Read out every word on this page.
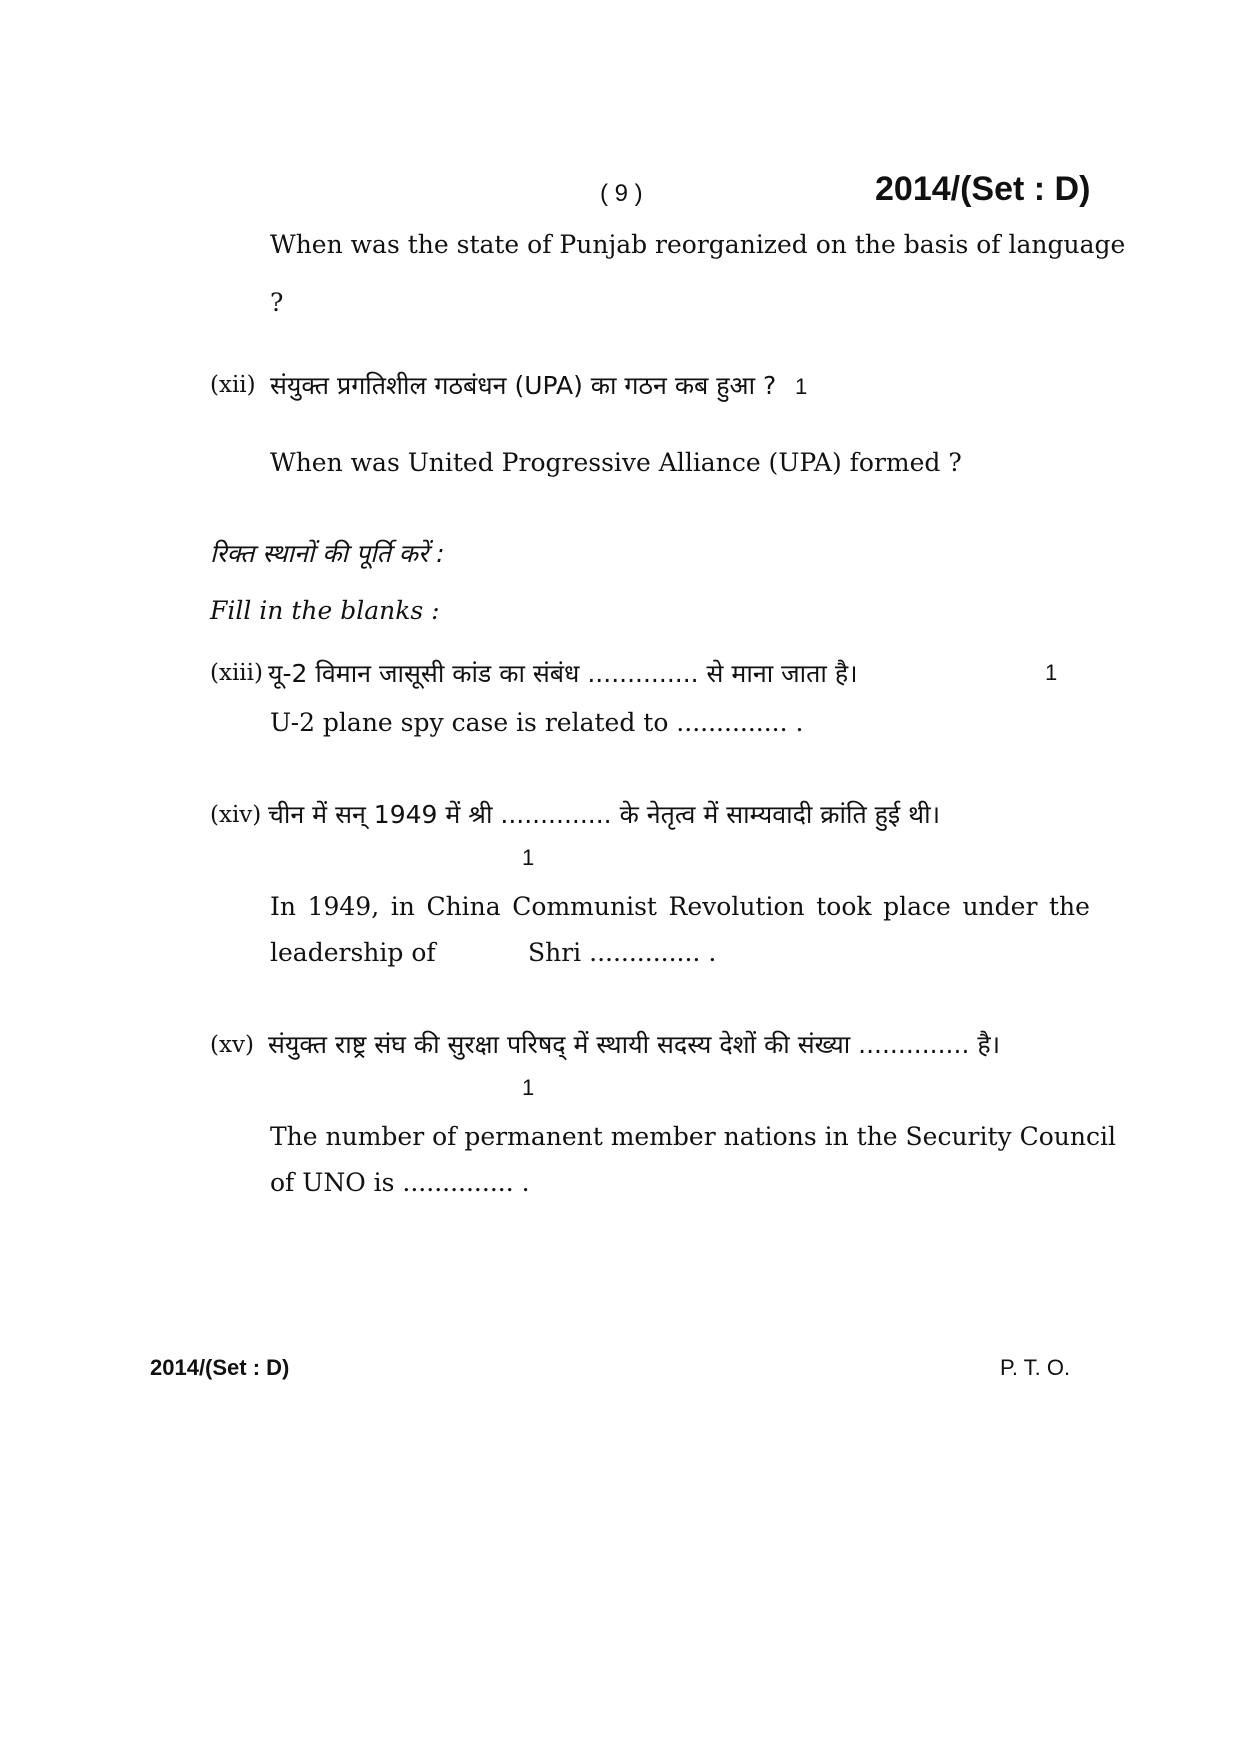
( 9 )	2014/(Set : D)
When was the state of Punjab reorganized on the basis of language
?
(xii) संयुक्त प्रगतिशील गठबंधन (UPA) का गठन कब हुआ ? 1
When was United Progressive Alliance (UPA) formed ?
रिक्त स्थानों की पूर्ति करें :
Fill in the blanks :
(xiii) यू-2 विमान जासूसी कांड का संबंध .............. से माना जाता है।	1
U-2 plane spy case is related to .............. .
(xiv) चीन में सन् 1949 में श्री .............. के नेतृत्व में साम्यवादी क्रांति हुई थी।
1
In 1949, in China Communist Revolution took place under the
leadership of	Shri .............. .
(xv) संयुक्त राष्ट्र संघ की सुरक्षा परिषद् में स्थायी सदस्य देशों की संख्या .............. है।
1
The number of permanent member nations in the Security Council
of UNO is .............. .
2014/(Set : D)	P. T. O.
